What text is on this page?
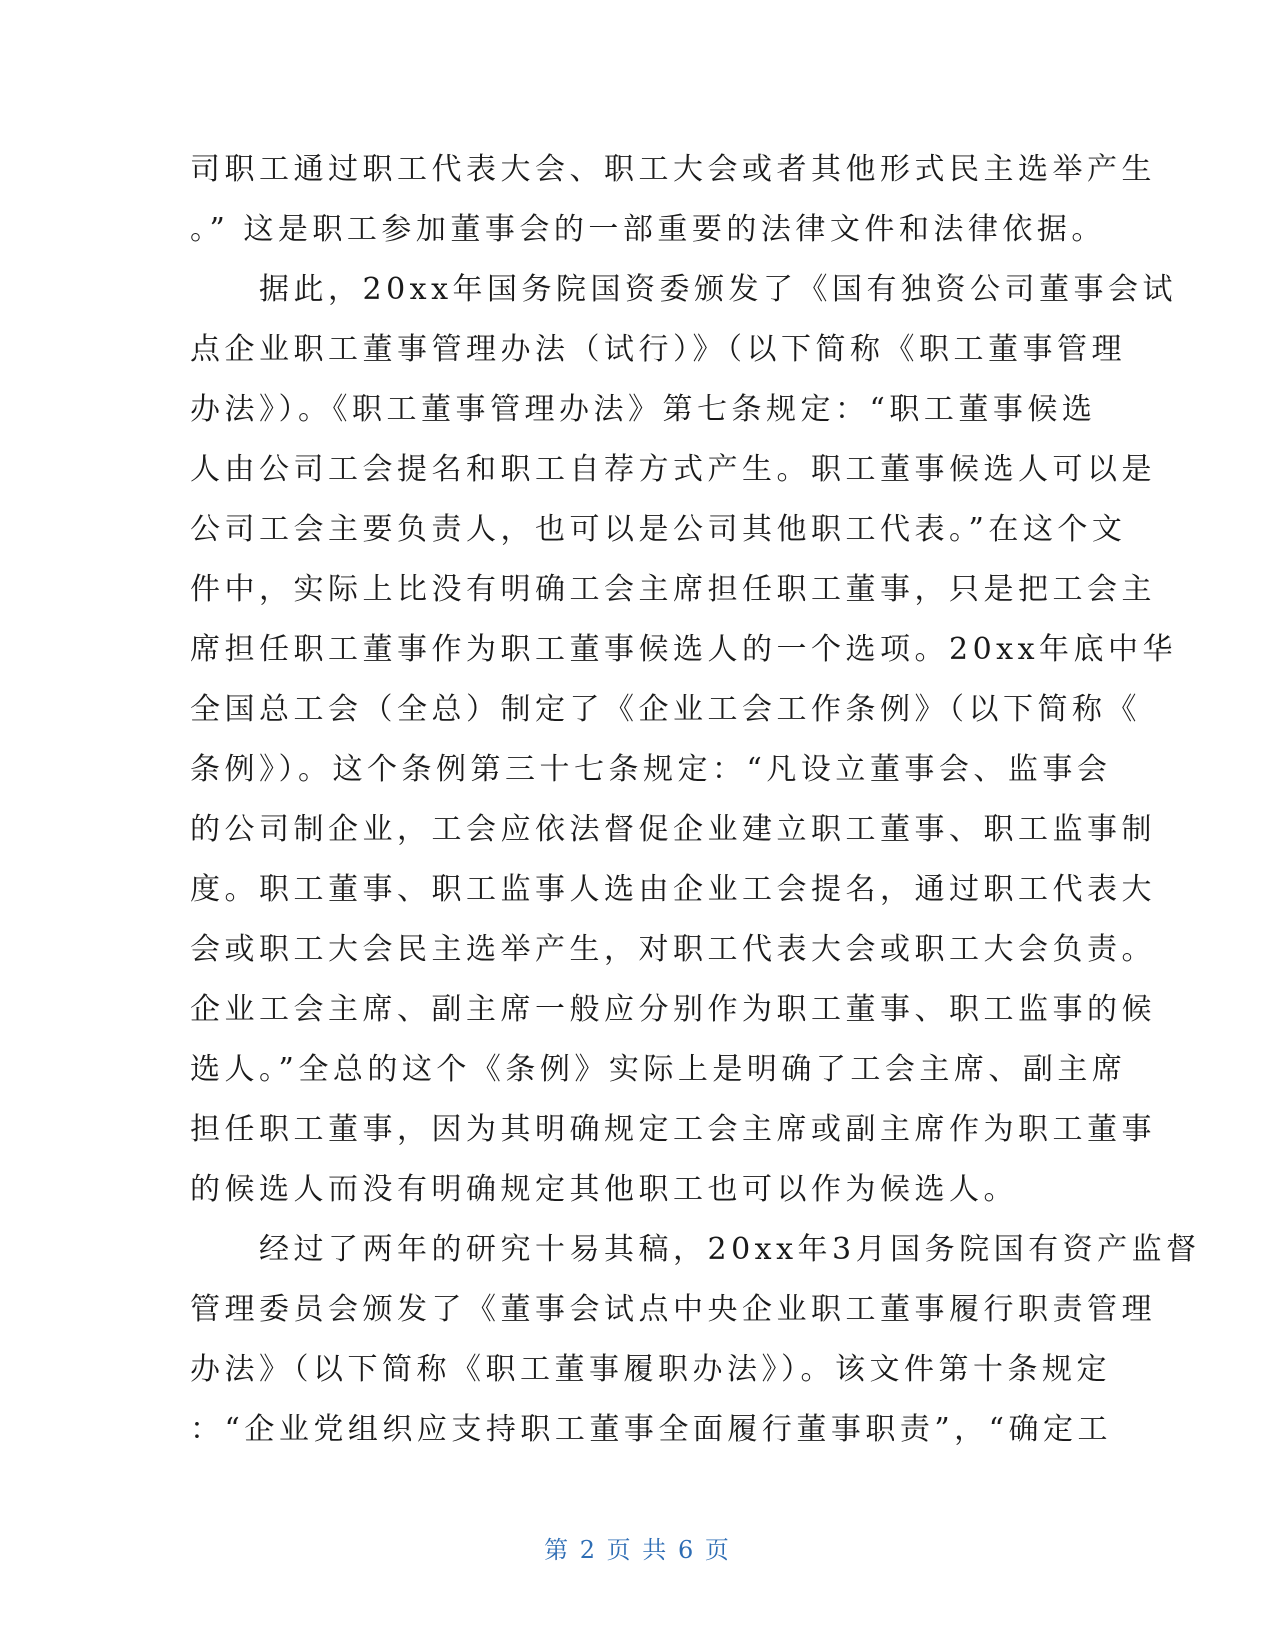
司职工通过职工代表大会、职工大会或者其他形式民主选举产生
。” 这是职工参加董事会的一部重要的法律文件和法律依据。
　　据此，20xx年国务院国资委颁发了《国有独资公司董事会试
点企业职工董事管理办法（试行）》（以下简称《职工董事管理
办法》）。《职工董事管理办法》第七条规定：“职工董事候选
人由公司工会提名和职工自荐方式产生。职工董事候选人可以是
公司工会主要负责人，也可以是公司其他职工代表。”在这个文
件中，实际上比没有明确工会主席担任职工董事，只是把工会主
席担任职工董事作为职工董事候选人的一个选项。20xx年底中华
全国总工会（全总）制定了《企业工会工作条例》（以下简称《
条例》）。这个条例第三十七条规定：“凡设立董事会、监事会
的公司制企业，工会应依法督促企业建立职工董事、职工监事制
度。职工董事、职工监事人选由企业工会提名，通过职工代表大
会或职工大会民主选举产生，对职工代表大会或职工大会负责。
企业工会主席、副主席一般应分别作为职工董事、职工监事的候
选人。”全总的这个《条例》实际上是明确了工会主席、副主席
担任职工董事，因为其明确规定工会主席或副主席作为职工董事
的候选人而没有明确规定其他职工也可以作为候选人。
　　经过了两年的研究十易其稿，20xx年3月国务院国有资产监督
管理委员会颁发了《董事会试点中央企业职工董事履行职责管理
办法》（以下简称《职工董事履职办法》）。该文件第十条规定
：“企业党组织应支持职工董事全面履行董事职责”，“确定工
第 2 页 共 6 页
